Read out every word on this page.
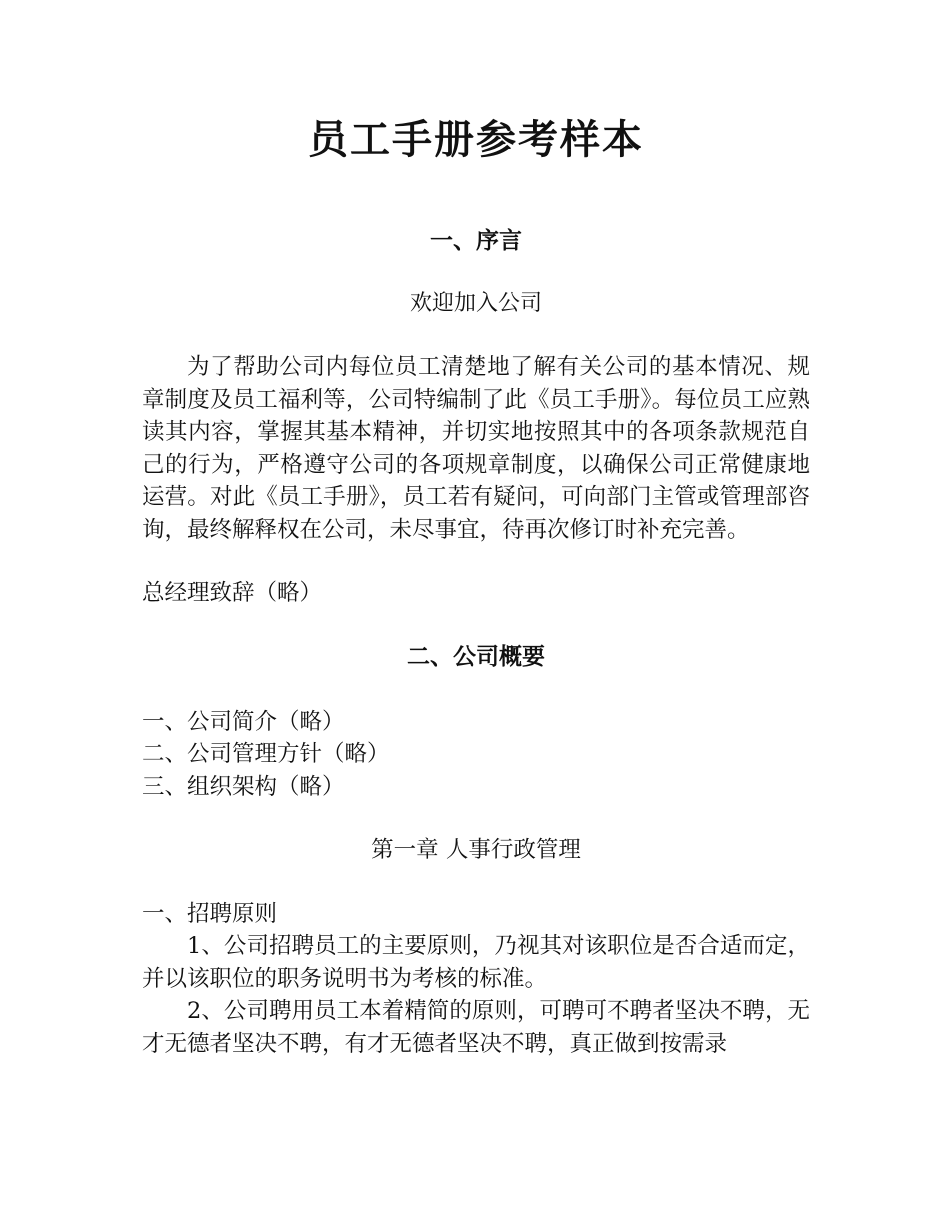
员工手册参考样本
一、序言

欢迎加入公司

为了帮助公司内每位员工清楚地了解有关公司的基本情况、规章制度及员工福利等，公司特编制了此《员工手册》。每位员工应熟读其内容，掌握其基本精神，并切实地按照其中的各项条款规范自己的行为，严格遵守公司的各项规章制度，以确保公司正常健康地运营。对此《员工手册》，员工若有疑问，可向部门主管或管理部咨询，最终解释权在公司，未尽事宜，待再次修订时补充完善。

总经理致辞（略）

二、公司概要
一、公司简介（略）
二、公司管理方针（略）
三、组织架构（略）

第一章 人事行政管理

一、招聘原则

1、公司招聘员工的主要原则，乃视其对该职位是否合适而定，并以该职位的职务说明书为考核的标准。

2、公司聘用员工本着精简的原则，可聘可不聘者坚决不聘，无才无德者坚决不聘，有才无德者坚决不聘，真正做到按需录
